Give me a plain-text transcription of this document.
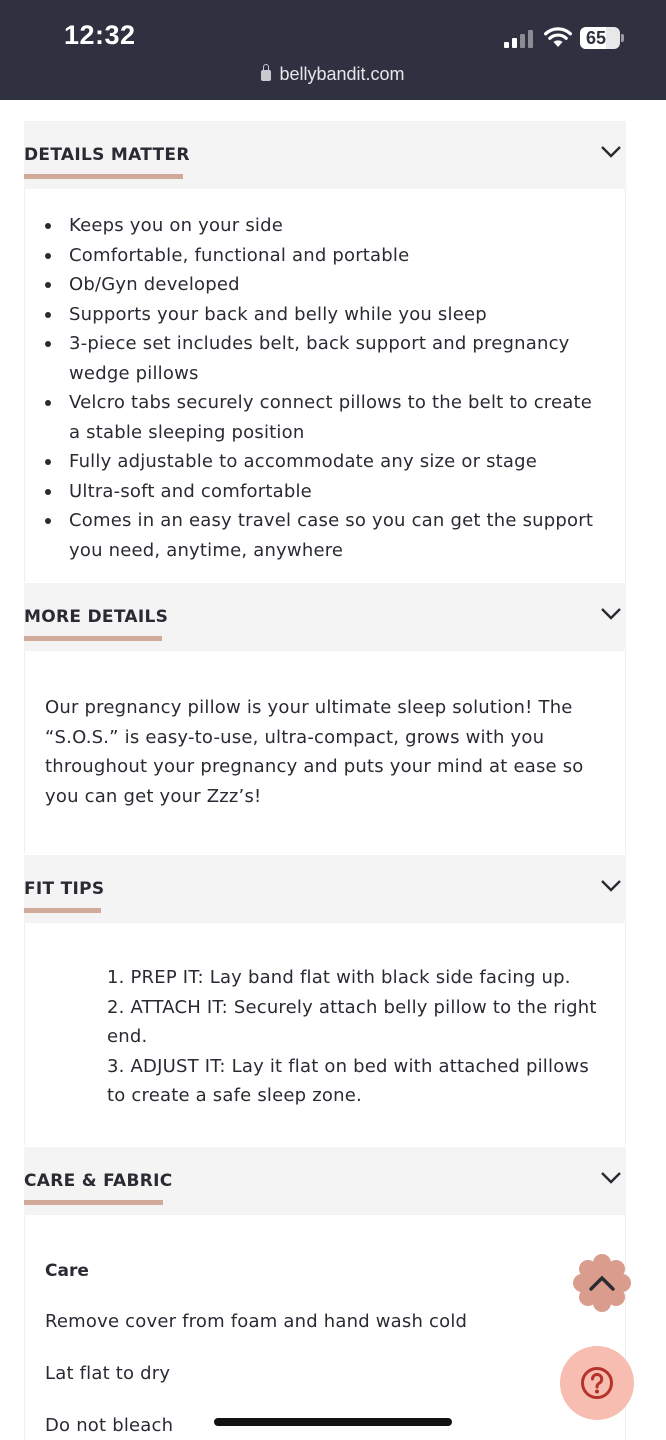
12:32	65
bellybandit.com
DETAILS MATTER
Keeps you on your side
Comfortable, functional and portable
Ob/Gyn developed
Supports your back and belly while you sleep
3-piece set includes belt, back support and pregnancy wedge pillows
Velcro tabs securely connect pillows to the belt to create a stable sleeping position
Fully adjustable to accommodate any size or stage
Ultra-soft and comfortable
Comes in an easy travel case so you can get the support you need, anytime, anywhere
MORE DETAILS
Our pregnancy pillow is your ultimate sleep solution! The “S.O.S.” is easy-to-use, ultra-compact, grows with you throughout your pregnancy and puts your mind at ease so you can get your Zzz’s!
FIT TIPS
1. PREP IT: Lay band flat with black side facing up.
2. ATTACH IT: Securely attach belly pillow to the right end.
3. ADJUST IT: Lay it flat on bed with attached pillows to create a safe sleep zone.
CARE & FABRIC
Care
Remove cover from foam and hand wash cold
Lat flat to dry
Do not bleach
